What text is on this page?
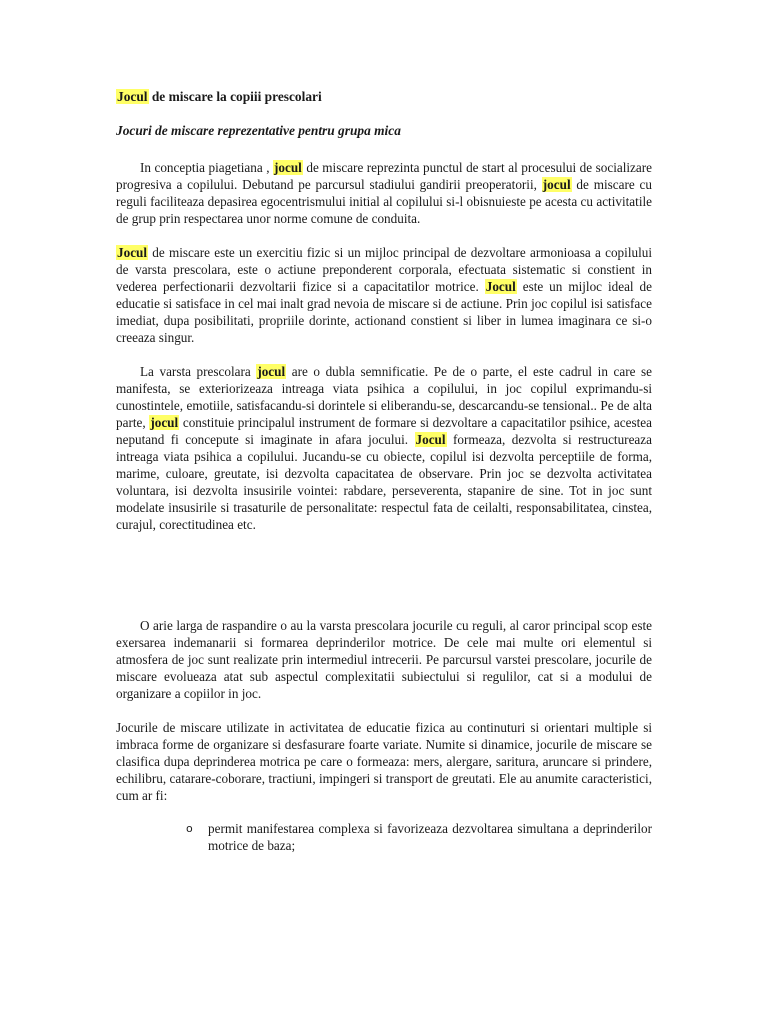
Jocul de miscare la copiii prescolari

Jocuri de miscare reprezentative pentru grupa mica

In conceptia piagetiana , jocul de miscare reprezinta punctul de start al procesului de socializare progresiva a copilului. Debutand pe parcursul stadiului gandirii preoperatorii, jocul de miscare cu reguli faciliteaza depasirea egocentrismului initial al copilului si-l obisnuieste pe acesta cu activitatile de grup prin respectarea unor norme comune de conduita.

Jocul de miscare este un exercitiu fizic si un mijloc principal de dezvoltare armonioasa a copilului de varsta prescolara, este o actiune preponderent corporala, efectuata sistematic si constient in vederea perfectionarii dezvoltarii fizice si a capacitatilor motrice. Jocul este un mijloc ideal de educatie si satisface in cel mai inalt grad nevoia de miscare si de actiune. Prin joc copilul isi satisface imediat, dupa posibilitati, propriile dorinte, actionand constient si liber in lumea imaginara ce si-o creeaza singur.

La varsta prescolara jocul are o dubla semnificatie. Pe de o parte, el este cadrul in care se manifesta, se exteriorizeaza intreaga viata psihica a copilului, in joc copilul exprimandu-si cunostintele, emotiile, satisfacandu-si dorintele si eliberandu-se, descarcandu-se tensional.. Pe de alta parte, jocul constituie principalul instrument de formare si dezvoltare a capacitatilor psihice, acestea neputand fi concepute si imaginate in afara jocului. Jocul formeaza, dezvolta si restructureaza intreaga viata psihica a copilului. Jucandu-se cu obiecte, copilul isi dezvolta perceptiile de forma, marime, culoare, greutate, isi dezvolta capacitatea de observare. Prin joc se dezvolta activitatea voluntara, isi dezvolta insusirile vointei: rabdare, perseverenta, stapanire de sine. Tot in joc sunt modelate insusirile si trasaturile de personalitate: respectul fata de ceilalti, responsabilitatea, cinstea, curajul, corectitudinea etc.

O arie larga de raspandire o au la varsta prescolara jocurile cu reguli, al caror principal scop este exersarea indemanarii si formarea deprinderilor motrice. De cele mai multe ori elementul si atmosfera de joc sunt realizate prin intermediul intrecerii. Pe parcursul varstei prescolare, jocurile de miscare evolueaza atat sub aspectul complexitatii subiectului si regulilor, cat si a modului de organizare a copiilor in joc.

Jocurile de miscare utilizate in activitatea de educatie fizica au continuturi si orientari multiple si imbraca forme de organizare si desfasurare foarte variate. Numite si dinamice, jocurile de miscare se clasifica dupa deprinderea motrica pe care o formeaza: mers, alergare, saritura, aruncare si prindere, echilibru, catarare-coborare, tractiuni, impingeri si transport de greutati. Ele au anumite caracteristici, cum ar fi:

o permit manifestarea complexa si favorizeaza dezvoltarea simultana a deprinderilor motrice de baza;
